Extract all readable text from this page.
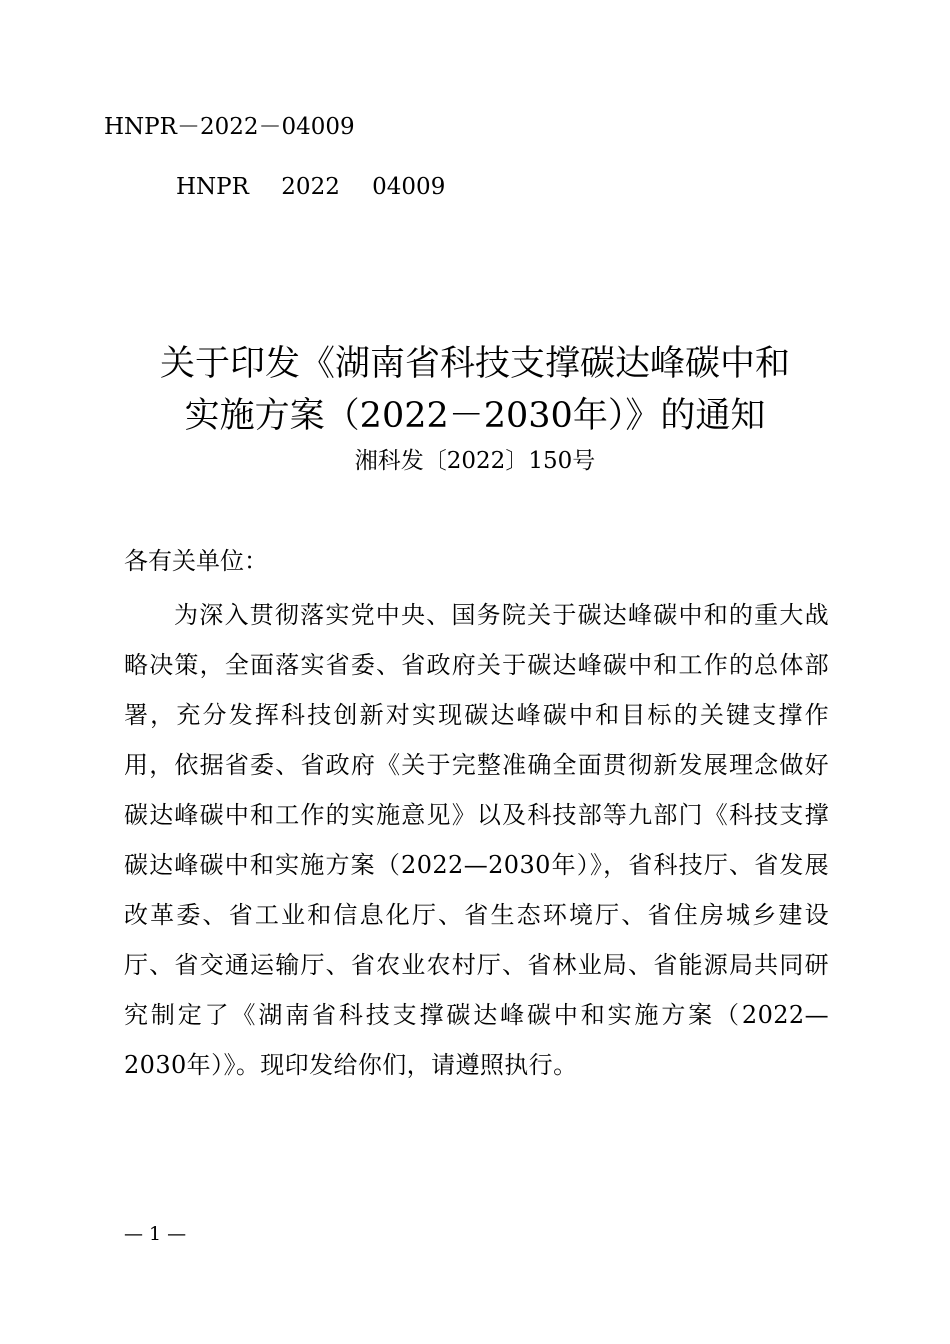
HNPR－2022－04009
HNPR 2022 04009
关于印发《湖南省科技支撑碳达峰碳中和
实施方案（2022－2030年）》的通知
湘科发〔2022〕150号
各有关单位：
为深入贯彻落实党中央、国务院关于碳达峰碳中和的重大战略决策，全面落实省委、省政府关于碳达峰碳中和工作的总体部署，充分发挥科技创新对实现碳达峰碳中和目标的关键支撑作用，依据省委、省政府《关于完整准确全面贯彻新发展理念做好碳达峰碳中和工作的实施意见》以及科技部等九部门《科技支撑碳达峰碳中和实施方案（2022—2030年）》，省科技厅、省发展改革委、省工业和信息化厅、省生态环境厅、省住房城乡建设厅、省交通运输厅、省农业农村厅、省林业局、省能源局共同研究制定了《湖南省科技支撑碳达峰碳中和实施方案（2022—2030年）》。现印发给你们，请遵照执行。
— 1 —
